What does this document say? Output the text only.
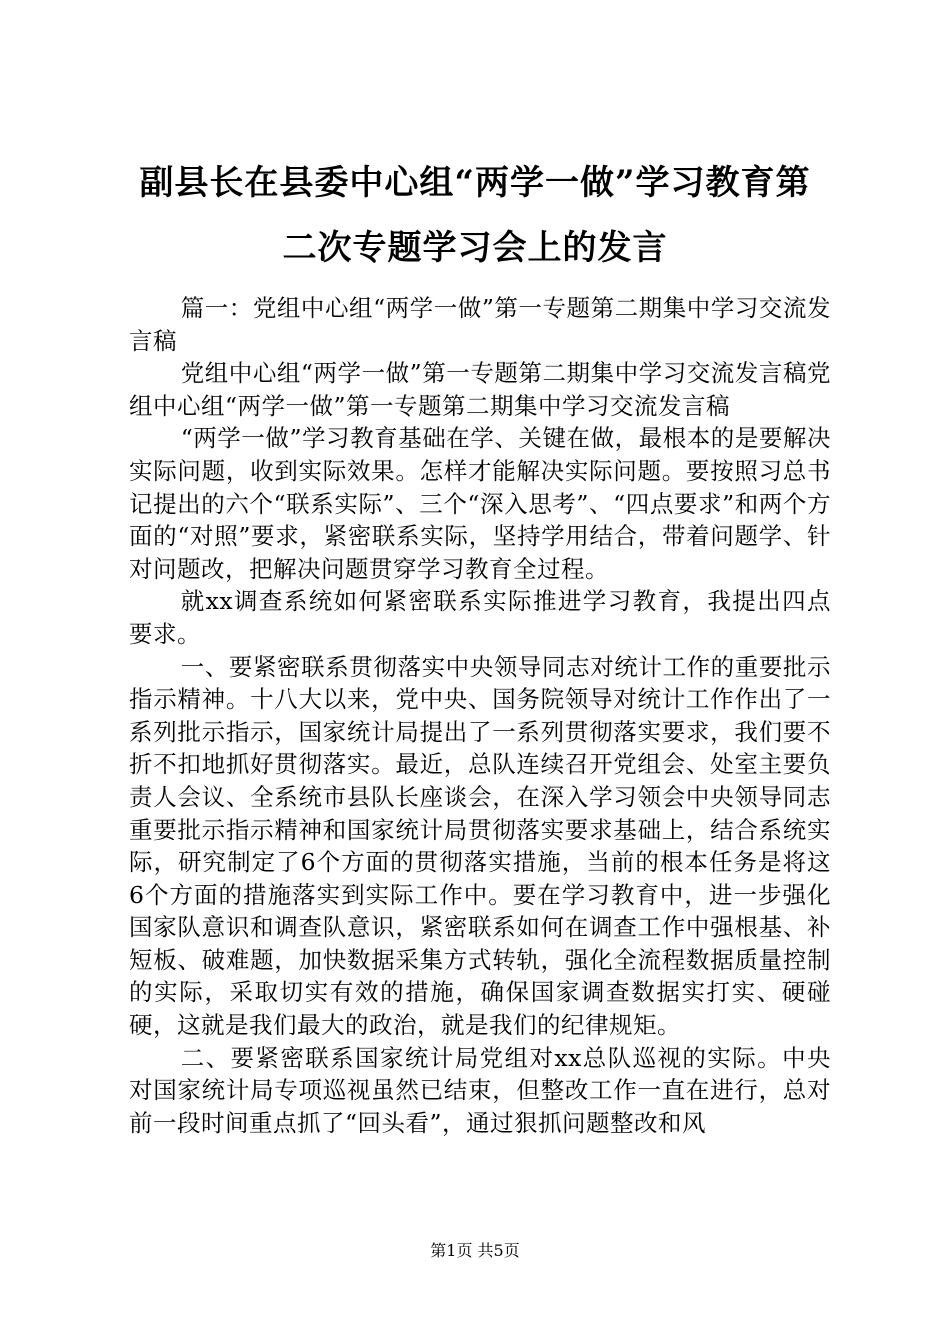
副县长在县委中心组“两学一做”学习教育第
二次专题学习会上的发言

篇一：党组中心组“两学一做”第一专题第二期集中学习交流发言稿

党组中心组“两学一做”第一专题第二期集中学习交流发言稿党组中心组“两学一做”第一专题第二期集中学习交流发言稿

“两学一做”学习教育基础在学、关键在做，最根本的是要解决实际问题，收到实际效果。怎样才能解决实际问题。要按照习总书记提出的六个“联系实际”、三个“深入思考”、“四点要求”和两个方面的“对照”要求，紧密联系实际，坚持学用结合，带着问题学、针对问题改，把解决问题贯穿学习教育全过程。

就xx调查系统如何紧密联系实际推进学习教育，我提出四点要求。

一、要紧密联系贯彻落实中央领导同志对统计工作的重要批示指示精神。十八大以来，党中央、国务院领导对统计工作作出了一系列批示指示，国家统计局提出了一系列贯彻落实要求，我们要不折不扣地抓好贯彻落实。最近，总队连续召开党组会、处室主要负责人会议、全系统市县队长座谈会，在深入学习领会中央领导同志重要批示指示精神和国家统计局贯彻落实要求基础上，结合系统实际，研究制定了6个方面的贯彻落实措施，当前的根本任务是将这6个方面的措施落实到实际工作中。要在学习教育中，进一步强化国家队意识和调查队意识，紧密联系如何在调查工作中强根基、补短板、破难题，加快数据采集方式转轨，强化全流程数据质量控制的实际，采取切实有效的措施，确保国家调查数据实打实、硬碰硬，这就是我们最大的政治，就是我们的纪律规矩。

二、要紧密联系国家统计局党组对xx总队巡视的实际。中央对国家统计局专项巡视虽然已结束，但整改工作一直在进行，总对前一段时间重点抓了“回头看”，通过狠抓问题整改和风

第1页 共5页
